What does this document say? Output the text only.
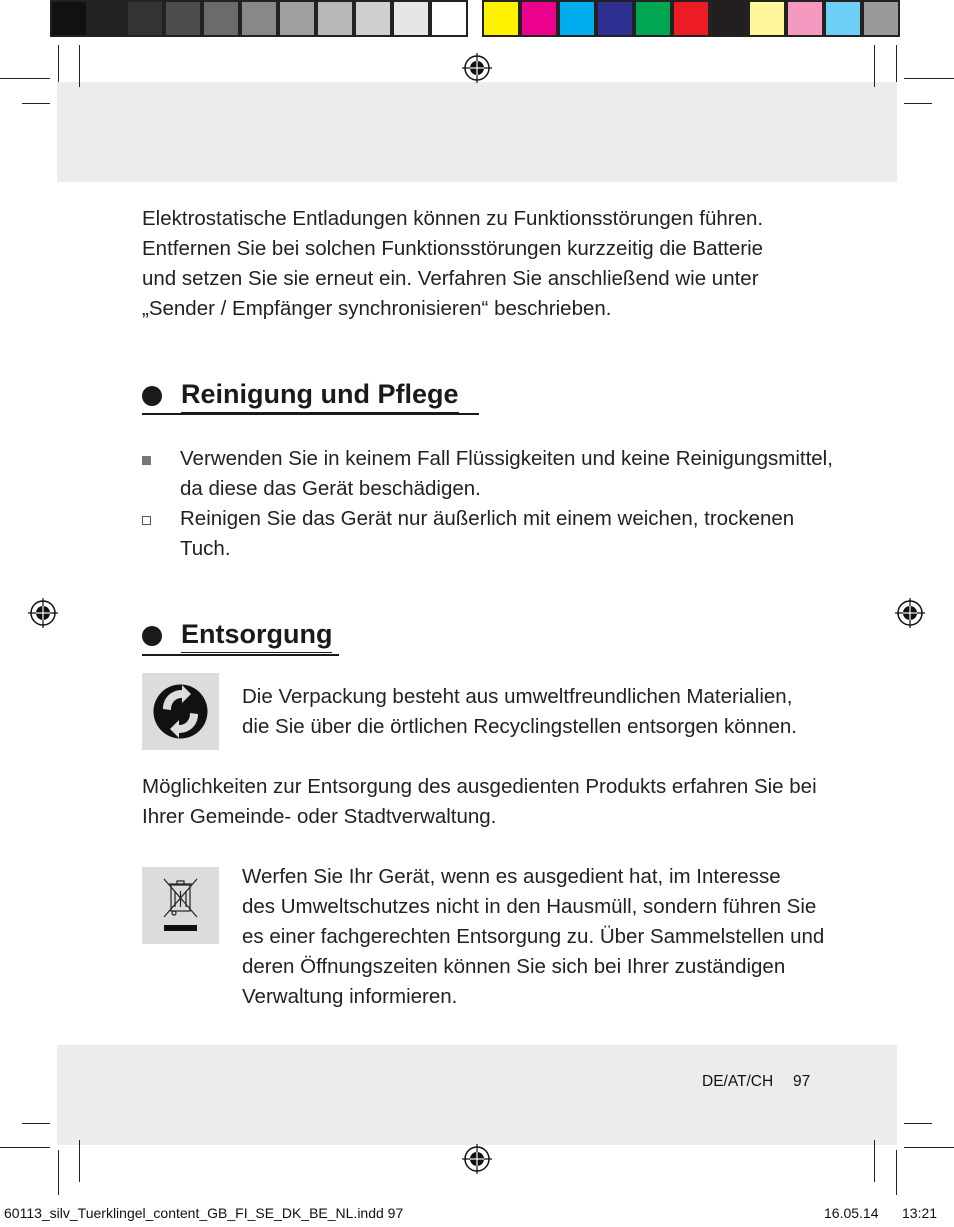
Elektrostatische Entladungen können zu Funktionsstörungen führen.
Entfernen Sie bei solchen Funktionsstörungen kurzzeitig die Batterie
und setzen Sie sie erneut ein. Verfahren Sie anschließend wie unter
„Sender / Empfänger synchronisieren“ beschrieben.
Reinigung und Pflege
Verwenden Sie in keinem Fall Flüssigkeiten und keine Reinigungsmittel,
da diese das Gerät beschädigen.
Reinigen Sie das Gerät nur äußerlich mit einem weichen, trockenen
Tuch.
Entsorgung
Die Verpackung besteht aus umweltfreundlichen Materialien,
die Sie über die örtlichen Recyclingstellen entsorgen können.
Möglichkeiten zur Entsorgung des ausgedienten Produkts erfahren Sie bei
Ihrer Gemeinde- oder Stadtverwaltung.
Werfen Sie Ihr Gerät, wenn es ausgedient hat, im Interesse
des Umweltschutzes nicht in den Hausmüll, sondern führen Sie
es einer fachgerechten Entsorgung zu. Über Sammelstellen und
deren Öffnungszeiten können Sie sich bei Ihrer zuständigen
Verwaltung informieren.
DE/AT/CH 97
60113_silv_Tuerklingel_content_GB_FI_SE_DK_BE_NL.indd 97	16.05.14 13:21
